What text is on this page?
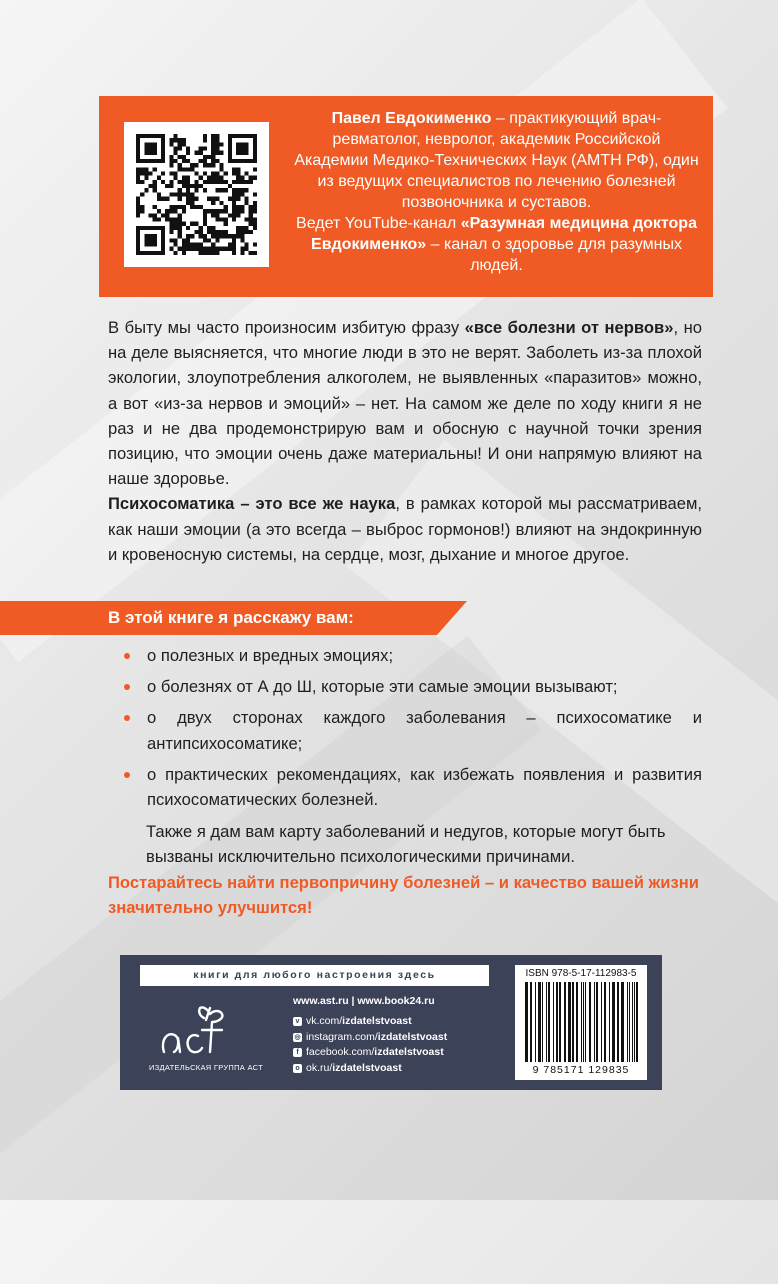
Павел Евдокименко – практикующий врач-ревматолог, невролог, академик Российской Академии Медико-Технических Наук (АМТН РФ), один из ведущих специалистов по лечению болезней позвоночника и суставов.
Ведет YouTube-канал «Разумная медицина доктора Евдокименко» – канал о здоровье для разумных людей.

В быту мы часто произносим избитую фразу «все болезни от нервов», но на деле выясняется, что многие люди в это не верят. Заболеть из-за плохой экологии, злоупотребления алкоголем, не выявленных «паразитов» можно, а вот «из-за нервов и эмоций» – нет. На самом же деле по ходу книги я не раз и не два продемонстрирую вам и обосную с научной точки зрения позицию, что эмоции очень даже материальны! И они напрямую влияют на наше здоровье.

Психосоматика – это все же наука, в рамках которой мы рассматриваем, как наши эмоции (а это всегда – выброс гормонов!) влияют на эндокринную и кровеносную системы, на сердце, мозг, дыхание и многое другое.

В этой книге я расскажу вам:
о полезных и вредных эмоциях;
о болезнях от А до Ш, которые эти самые эмоции вызывают;
о двух сторонах каждого заболевания – психосоматике и антипсихосоматике;
о практических рекомендациях, как избежать появления и развития психосоматических болезней.

Также я дам вам карту заболеваний и недугов, которые могут быть вызваны исключительно психологическими причинами.

Постарайтесь найти первопричину болезней – и качество вашей жизни значительно улучшится!

книги для любого настроения здесь
ИЗДАТЕЛЬСКАЯ ГРУППА АСТ
www.ast.ru | www.book24.ru
v vk.com/ izdatelstvoast
◎ instagram.com/ izdatelstvoast
f facebook.com/ izdatelstvoast
o ok.ru/ izdatelstvoast
ISBN 978-5-17-112983-5
9 785171 129835
